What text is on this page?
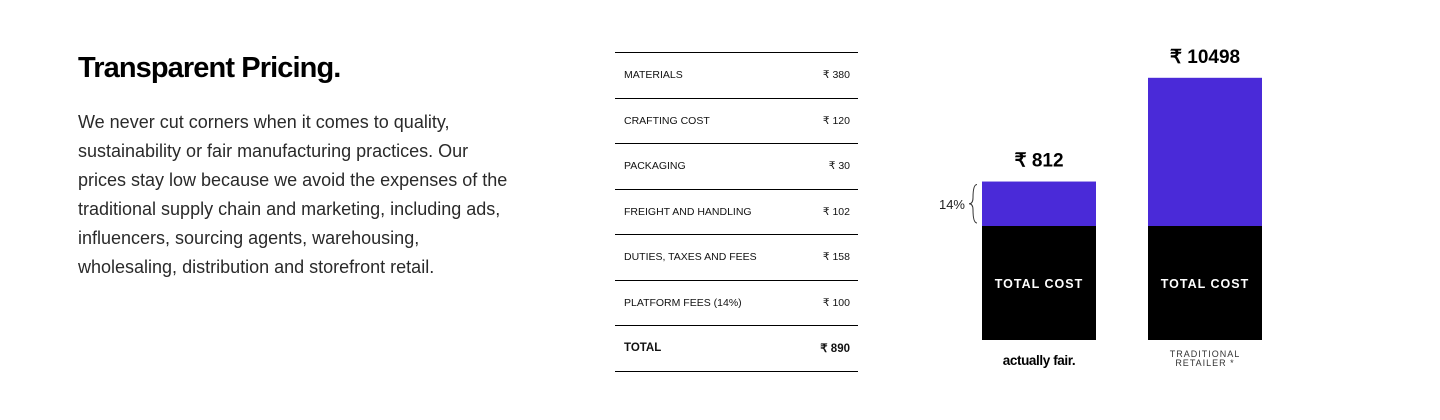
Transparent Pricing.

We never cut corners when it comes to quality, sustainability or fair manufacturing practices. Our prices stay low because we avoid the expenses of the traditional supply chain and marketing, including ads, influencers, sourcing agents, warehousing, wholesaling, distribution and storefront retail.

MATERIALS	₹ 380
CRAFTING COST	₹ 120
PACKAGING	₹ 30
FREIGHT AND HANDLING	₹ 102
DUTIES, TAXES AND FEES	₹ 158
PLATFORM FEES (14%)	₹ 100
TOTAL	₹ 890
TOTAL COST
₹ 812
actually fair.
TOTAL COST
₹ 10498
TRADITIONAL RETAILER *
14%
